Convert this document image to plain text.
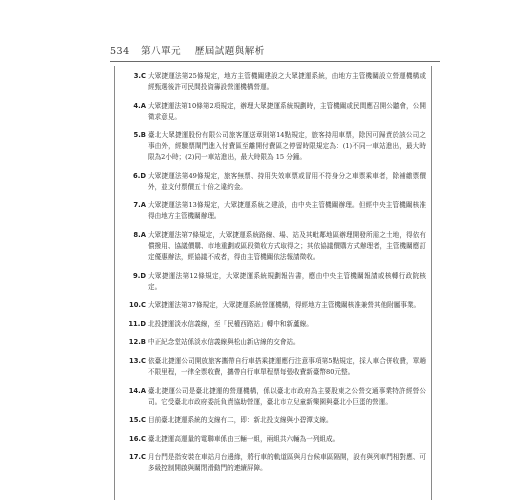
534 第八單元 歷屆試題與解析
3.C 大眾捷運法第25條規定，地方主管機關建設之大眾捷運系統，由地方主管機關設立營運機構或經甄選後許可民間投資籌設營運機構營運。
4.A 大眾捷運法第10條第2項規定，辦理大眾捷運系統規劃時，主管機關或民間應召開公聽會，公開徵求意見。
5.B 臺北大眾捷運股份有限公司旅客運送章則第14點規定，旅客持用車票，除因可歸責於該公司之事由外，經驗票閘門進入付費區至離開付費區之停留時限規定為：(1)不同一車站進出，最大時限為2小時；(2)同一車站進出，最大時限為 15 分鐘。
6.D 大眾捷運法第49條規定，旅客無票、持用失效車票或冒用不符身分之車票乘車者，除補繳票價外，並支付票價五十倍之違約金。
7.A 大眾捷運法第13條規定，大眾捷運系統之建設，由中央主管機關辦理。但經中央主管機關核准得由地方主管機關辦理。
8.A 大眾捷運法第7條規定，大眾捷運系統路線、場、站及其毗鄰地區辦理開發所需之土地，得依有償撥用、協議價購、市地重劃或區段徵收方式取得之；其依協議價購方式辦理者，主管機關應訂定優惠辦法，經協議不成者，得由主管機關依法報請徵收。
9.D 大眾捷運法第12條規定，大眾捷運系統規劃報告書，應由中央主管機關報請或核轉行政院核定。
10.C 大眾捷運法第37條規定，大眾捷運系統營運機構，得經地方主管機關核准兼營其他附屬事業。
11.D 北投捷運淡水信義線，至「民權西路站」轉中和新蘆線。
12.B 中正紀念堂站係淡水信義線與松山新店線的交會站。
13.C 依臺北捷運公司開放旅客攜帶自行車搭乘捷運應行注意事項第5點規定，採人車合併收費，單趟不限里程，一律全票收費，攜帶自行車單程票每張收費新臺幣80元整。
14.A 臺北捷運公司是臺北捷運的營運機構，係以臺北市政府為主要股東之公營交通事業特許經營公司。它受臺北市政府委託負責協助營運，臺北市立兒童新樂園與臺北小巨蛋的營運。
15.C 目前臺北捷運系統的支線有二，即：新北投支線與小碧潭支線。
16.C 臺北捷運高運量的電聯車係由三輛一組，兩組共六輛為一列組成。
17.C 月台門是指安裝在車站月台邊緣，將行車的軌道區與月台候車區隔開，設有與列車門相對應、可多級控制開啟與關閉滑動門的連續屏障。
